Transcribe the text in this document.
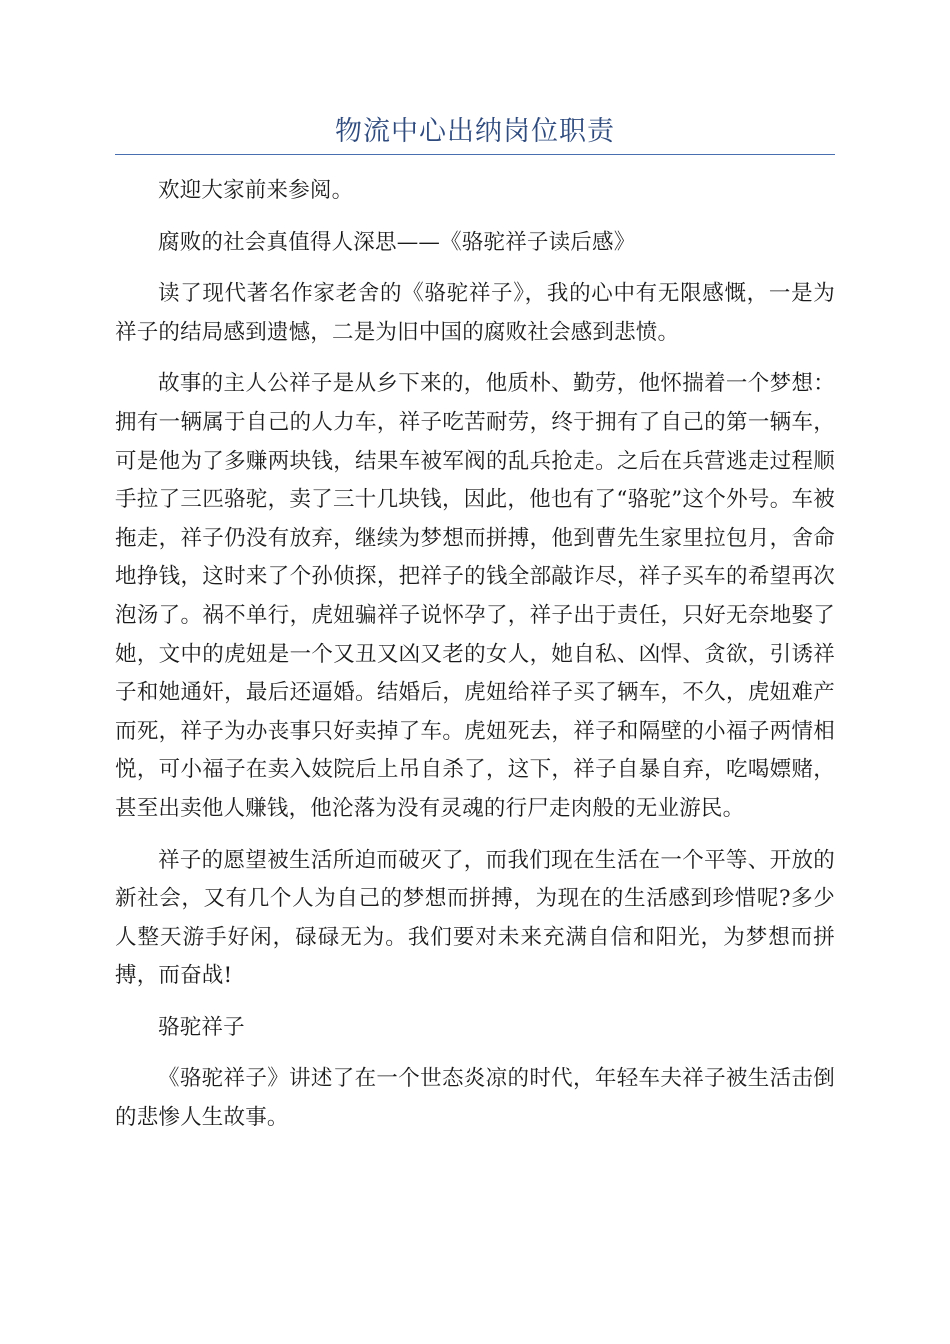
物流中心出纳岗位职责

欢迎大家前来参阅。

腐败的社会真值得人深思——《骆驼祥子读后感》

读了现代著名作家老舍的《骆驼祥子》，我的心中有无限感慨，一是为祥子的结局感到遗憾，二是为旧中国的腐败社会感到悲愤。

故事的主人公祥子是从乡下来的，他质朴、勤劳，他怀揣着一个梦想：拥有一辆属于自己的人力车，祥子吃苦耐劳，终于拥有了自己的第一辆车，可是他为了多赚两块钱，结果车被军阀的乱兵抢走。之后在兵营逃走过程顺手拉了三匹骆驼，卖了三十几块钱，因此，他也有了“骆驼”这个外号。车被拖走，祥子仍没有放弃，继续为梦想而拼搏，他到曹先生家里拉包月，舍命地挣钱，这时来了个孙侦探，把祥子的钱全部敲诈尽，祥子买车的希望再次泡汤了。祸不单行，虎妞骗祥子说怀孕了，祥子出于责任，只好无奈地娶了她，文中的虎妞是一个又丑又凶又老的女人，她自私、凶悍、贪欲，引诱祥子和她通奸，最后还逼婚。结婚后，虎妞给祥子买了辆车，不久，虎妞难产而死，祥子为办丧事只好卖掉了车。虎妞死去，祥子和隔壁的小福子两情相悦，可小福子在卖入妓院后上吊自杀了，这下，祥子自暴自弃，吃喝嫖赌，甚至出卖他人赚钱，他沦落为没有灵魂的行尸走肉般的无业游民。

祥子的愿望被生活所迫而破灭了，而我们现在生活在一个平等、开放的新社会，又有几个人为自己的梦想而拼搏，为现在的生活感到珍惜呢?多少人整天游手好闲，碌碌无为。我们要对未来充满自信和阳光，为梦想而拼搏，而奋战!

骆驼祥子

《骆驼祥子》讲述了在一个世态炎凉的时代，年轻车夫祥子被生活击倒的悲惨人生故事。
